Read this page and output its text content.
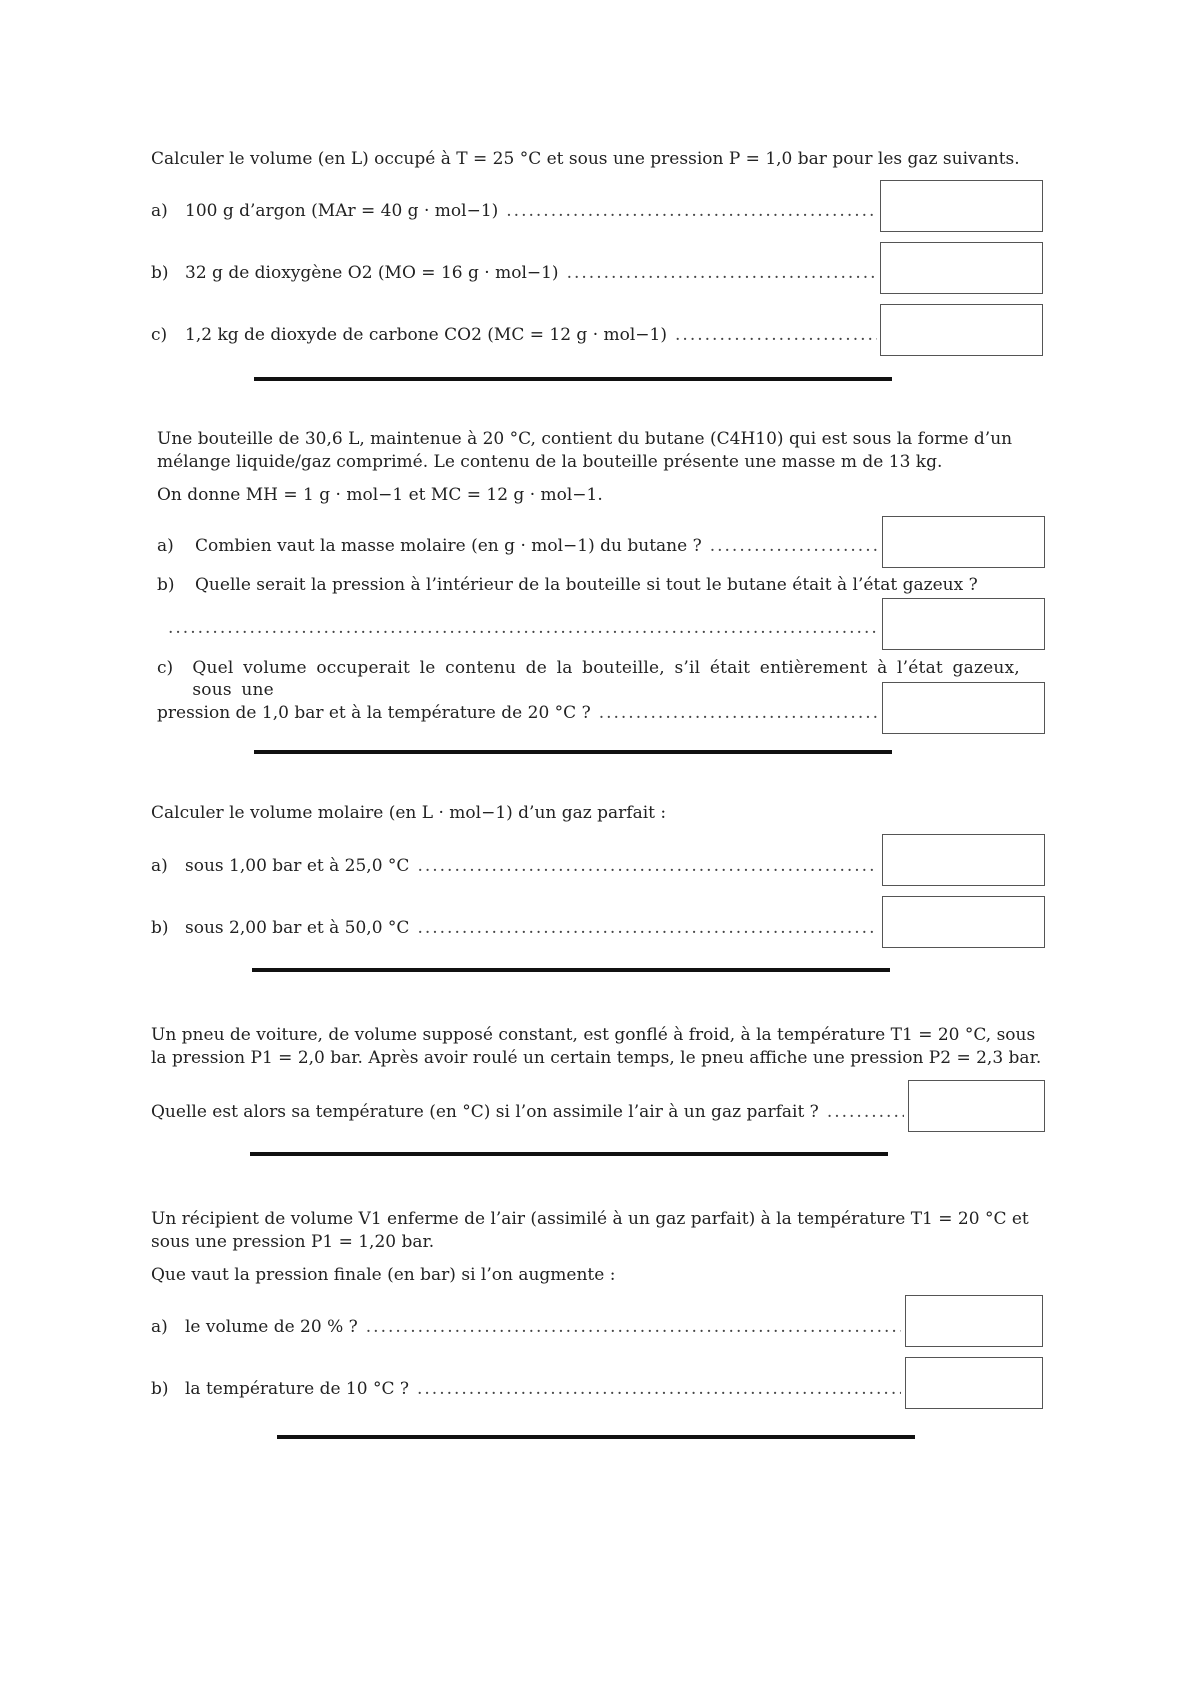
Calculer le volume (en L) occupé à T = 25 °C et sous une pression P = 1,0 bar pour les gaz suivants.
a)	100 g d’argon (MAr = 40 g · mol−1)
.....
b) 32 g de dioxygène O2 (MO = 16 g · mol−1)
.....
c)	1,2 kg de dioxyde de carbone CO2 (MC = 12 g · mol−1)
.....
Une bouteille de 30,6 L, maintenue à 20 °C, contient du butane (C4H10) qui est sous la forme d’un mélange liquide/gaz comprimé. Le contenu de la bouteille présente une masse m de 13 kg.
On donne MH = 1 g · mol−1 et MC = 12 g · mol−1.
a)	Combien vaut la masse molaire (en g · mol−1) du butane ?
.....
b)	Quelle serait la pression à l’intérieur de la bouteille si tout le butane était à l’état gazeux ?
.....
c)	Quel volume occuperait le contenu de la bouteille, s’il était entièrement à l’état gazeux, sous une
pression de 1,0 bar et à la température de 20 °C ?
.....
Calculer le volume molaire (en L · mol−1) d’un gaz parfait :
a)	sous 1,00 bar et à 25,0 °C
.....
b) sous 2,00 bar et à 50,0 °C
.....
Un pneu de voiture, de volume supposé constant, est gonflé à froid, à la température T1 = 20 °C, sous la pression P1 = 2,0 bar. Après avoir roulé un certain temps, le pneu affiche une pression P2 = 2,3 bar.
Quelle est alors sa température (en °C) si l’on assimile l’air à un gaz parfait ?
.....
Un récipient de volume V1 enferme de l’air (assimilé à un gaz parfait) à la température T1 = 20 °C et sous une pression P1 = 1,20 bar.
Que vaut la pression finale (en bar) si l’on augmente :
a)	le volume de 20 % ?
.....
b) la température de 10 °C ?
.....
